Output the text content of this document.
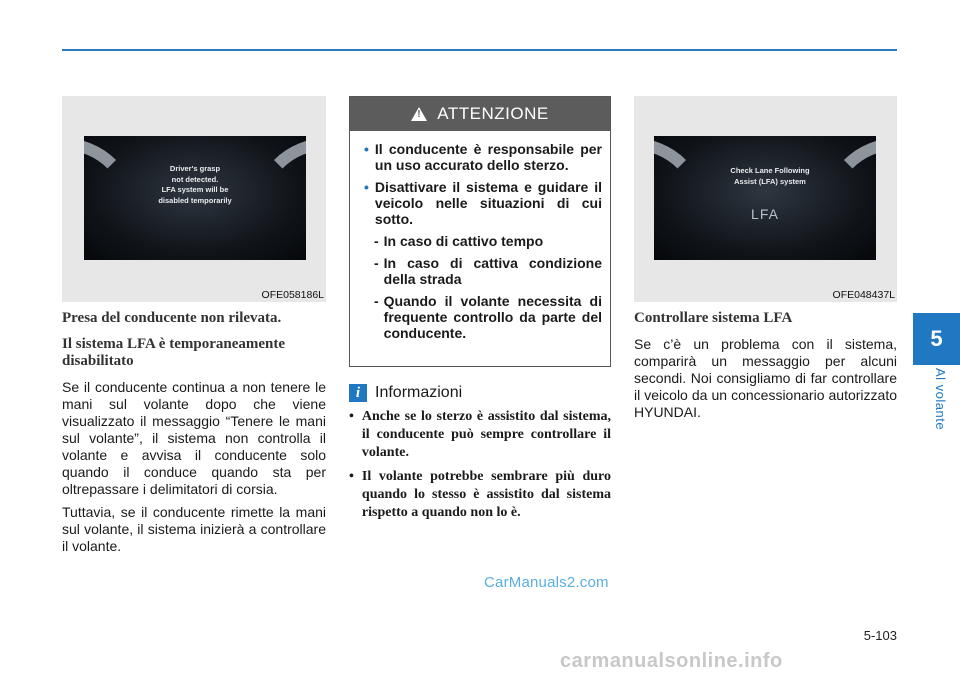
5
Al volante
Driver's grasp
not detected.
LFA system will be
disabled temporarily
OFE058186L
Presa del conducente non rilevata.
Il sistema LFA è temporaneamente disabilitato

Se il conducente continua a non tenere le mani sul volante dopo che viene visualizzato il messaggio “Tenere le mani sul volante”, il sistema non controlla il volante e avvisa il conducente solo quando il conduce quando sta per oltrepassare i delimitatori di corsia.

Tuttavia, se il conducente rimette la mani sul volante, il sistema inizierà a controllare il volante.

!
ATTENZIONE
• Il conducente è responsabile per un uso accurato dello sterzo.
• Disattivare il sistema e guidare il veicolo nelle situazioni di cui sotto.
- In caso di cattivo tempo
- In caso di cattiva condizione della strada
- Quando il volante necessita di frequente controllo da parte del conducente.
i Informazioni
• Anche se lo sterzo è assistito dal sistema, il conducente può sempre controllare il volante.
• Il volante potrebbe sembrare più duro quando lo stesso è assistito dal sistema rispetto a quando non lo è.
Check Lane Following
Assist (LFA) system
LFA
OFE048437L
Controllare sistema LFA

Se c’è un problema con il sistema, comparirà un messaggio per alcuni secondi. Noi consigliamo di far controllare il veicolo da un concessionario autorizzato HYUNDAI.

CarManuals2.com
5-103
carmanualsonline.info
